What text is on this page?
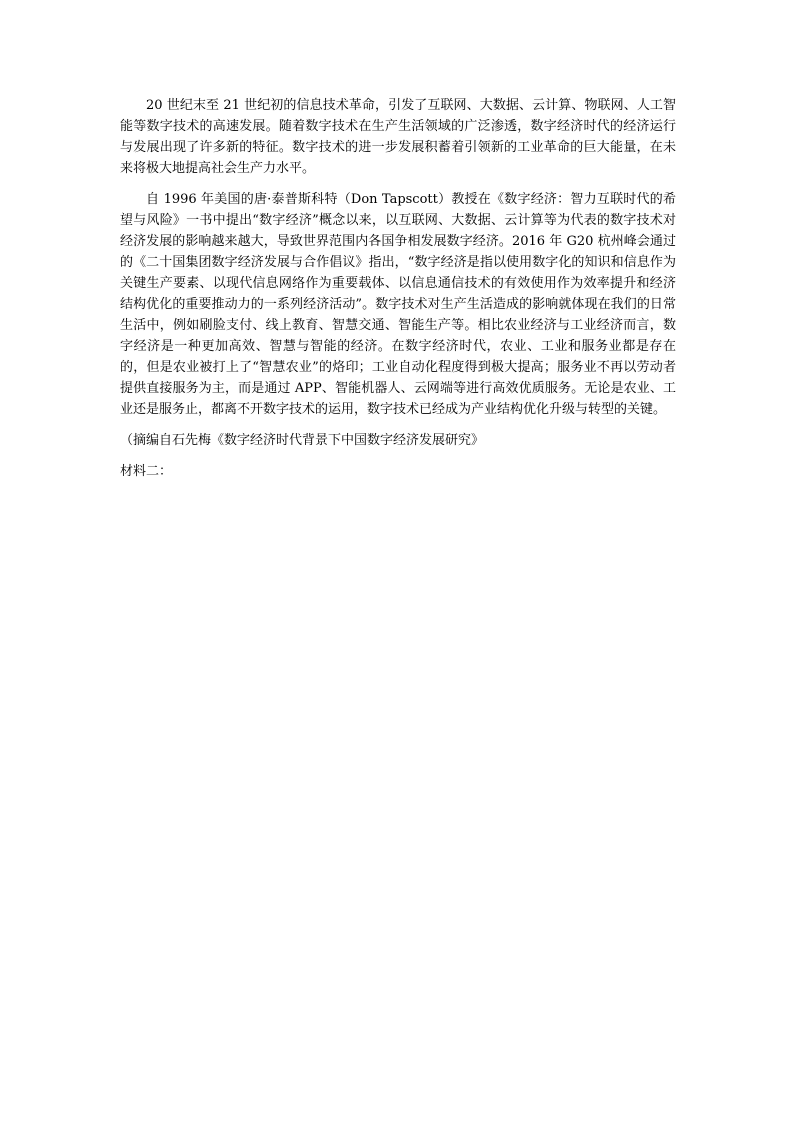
20 世纪末至 21 世纪初的信息技术革命，引发了互联网、大数据、云计算、物联网、人工智能等数字技术的高速发展。随着数字技术在生产生活领域的广泛渗透，数字经济时代的经济运行与发展出现了许多新的特征。数字技术的进一步发展积蓄着引领新的工业革命的巨大能量，在未来将极大地提高社会生产力水平。

自 1996 年美国的唐·泰普斯科特（Don Tapscott）教授在《数字经济：智力互联时代的希望与风险》一书中提出“数字经济”概念以来，以互联网、大数据、云计算等为代表的数字技术对经济发展的影响越来越大，导致世界范围内各国争相发展数字经济。2016 年 G20 杭州峰会通过的《二十国集团数字经济发展与合作倡议》指出，“数字经济是指以使用数字化的知识和信息作为关键生产要素、以现代信息网络作为重要载体、以信息通信技术的有效使用作为效率提升和经济结构优化的重要推动力的一系列经济活动”。数字技术对生产生活造成的影响就体现在我们的日常生活中，例如刷脸支付、线上教育、智慧交通、智能生产等。相比农业经济与工业经济而言，数字经济是一种更加高效、智慧与智能的经济。在数字经济时代，农业、工业和服务业都是存在的，但是农业被打上了“智慧农业”的烙印；工业自动化程度得到极大提高；服务业不再以劳动者提供直接服务为主，而是通过 APP、智能机器人、云网端等进行高效优质服务。无论是农业、工业还是服务止，都离不开数字技术的运用，数字技术已经成为产业结构优化升级与转型的关键。

（摘编自石先梅《数字经济时代背景下中国数字经济发展研究》

材料二：
